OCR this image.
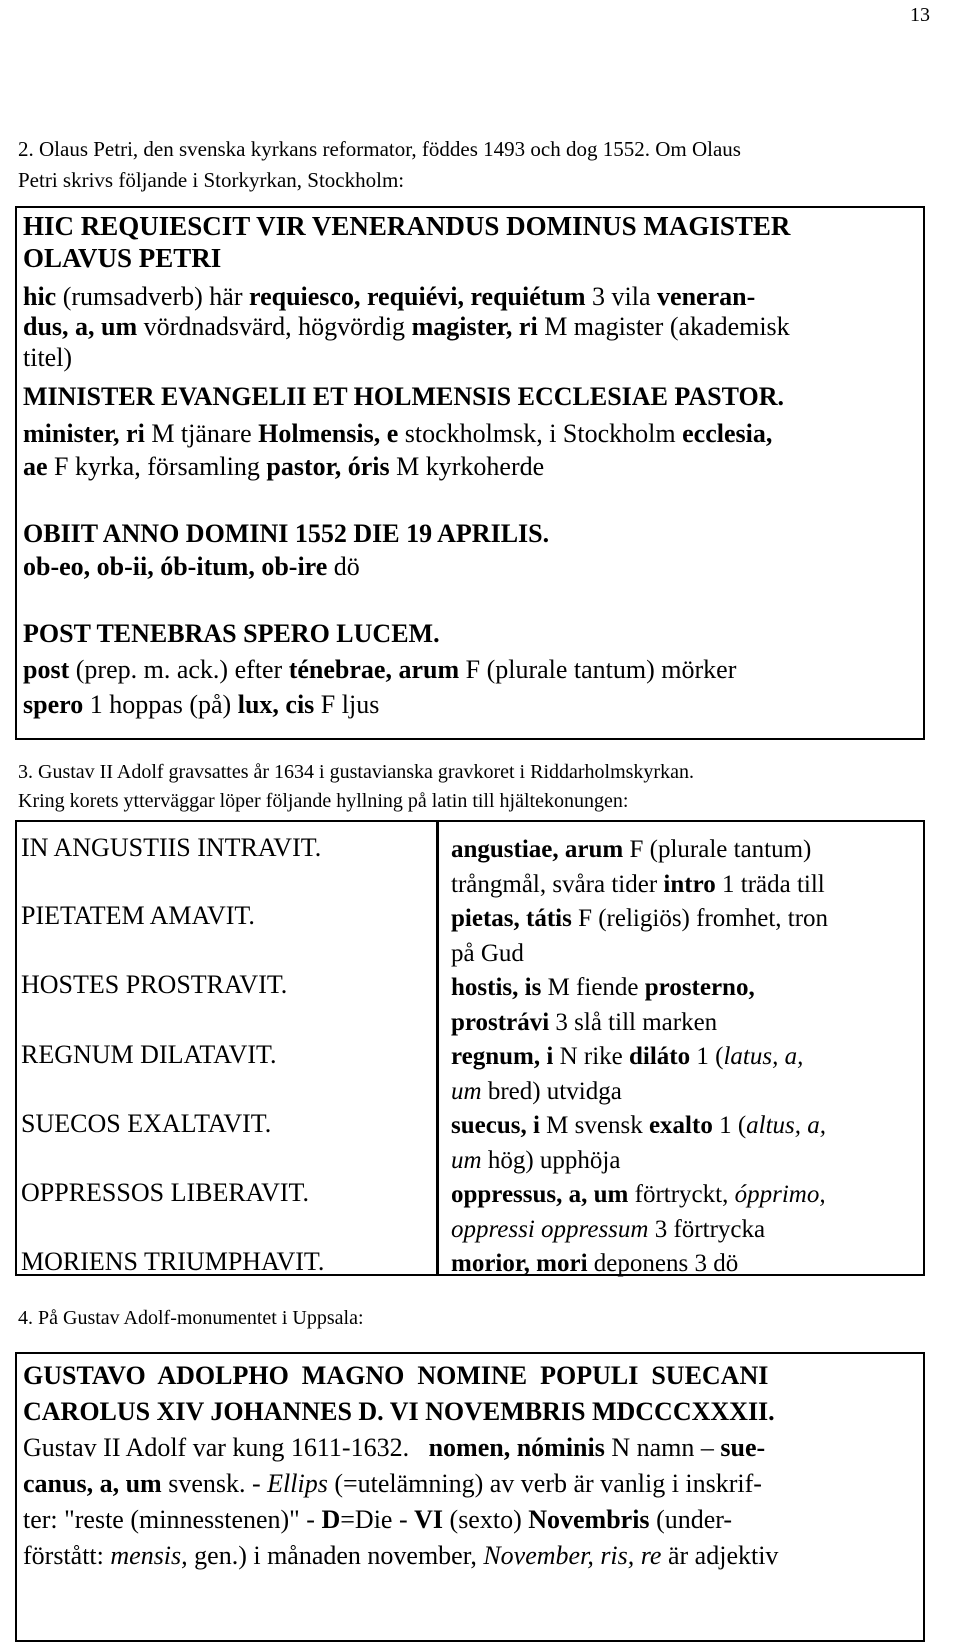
13
2. Olaus Petri, den svenska kyrkans reformator, föddes 1493 och dog 1552. Om Olaus
Petri skrivs följande i Storkyrkan, Stockholm:
HIC REQUIESCIT VIR VENERANDUS DOMINUS MAGISTER
OLAVUS PETRI
hic (rumsadverb) här requiesco, requiévi, requiétum 3 vila veneran-
dus, a, um vördnadsvärd, högvördig magister, ri M magister (akademisk
titel)
MINISTER EVANGELII ET HOLMENSIS ECCLESIAE PASTOR.
minister, ri M tjänare Holmensis, e stockholmsk, i Stockholm ecclesia,
ae F kyrka, församling pastor, óris M kyrkoherde
OBIIT ANNO DOMINI 1552 DIE 19 APRILIS.
ob-eo, ob-ii, ób-itum, ob-ire dö
POST TENEBRAS SPERO LUCEM.
post (prep. m. ack.) efter ténebrae, arum F (plurale tantum) mörker
spero 1 hoppas (på) lux, cis F ljus
3. Gustav II Adolf gravsattes år 1634 i gustavianska gravkoret i Riddarholmskyrkan.
Kring korets ytterväggar löper följande hyllning på latin till hjältekonungen:
IN ANGUSTIIS INTRAVIT.
PIETATEM AMAVIT.
HOSTES PROSTRAVIT.
REGNUM DILATAVIT.
SUECOS EXALTAVIT.
OPPRESSOS LIBERAVIT.
MORIENS TRIUMPHAVIT.
angustiae, arum F (plurale tantum)
trångmål, svåra tider intro 1 träda till
pietas, tátis F (religiös) fromhet, tron
på Gud
hostis, is M fiende prosterno,
prostrávi 3 slå till marken
regnum, i N rike diláto 1 (latus, a,
um bred) utvidga
suecus, i M svensk exalto 1 (altus, a,
um hög) upphöja
oppressus, a, um förtryckt, ópprimo,
oppressi oppressum 3 förtrycka
morior, mori deponens 3 dö
4. På Gustav Adolf-monumentet i Uppsala:
GUSTAVO  ADOLPHO  MAGNO  NOMINE  POPULI  SUECANI
CAROLUS XIV JOHANNES D. VI NOVEMBRIS MDCCCXXXII.
Gustav II Adolf var kung 1611-1632.   nomen, nóminis N namn – sue-
canus, a, um svensk. - Ellips (=utelämning) av verb är vanlig i inskrif-
ter: "reste (minnesstenen)" - D=Die - VI (sexto) Novembris (under-
förstått: mensis, gen.) i månaden november, November, ris, re är adjektiv
